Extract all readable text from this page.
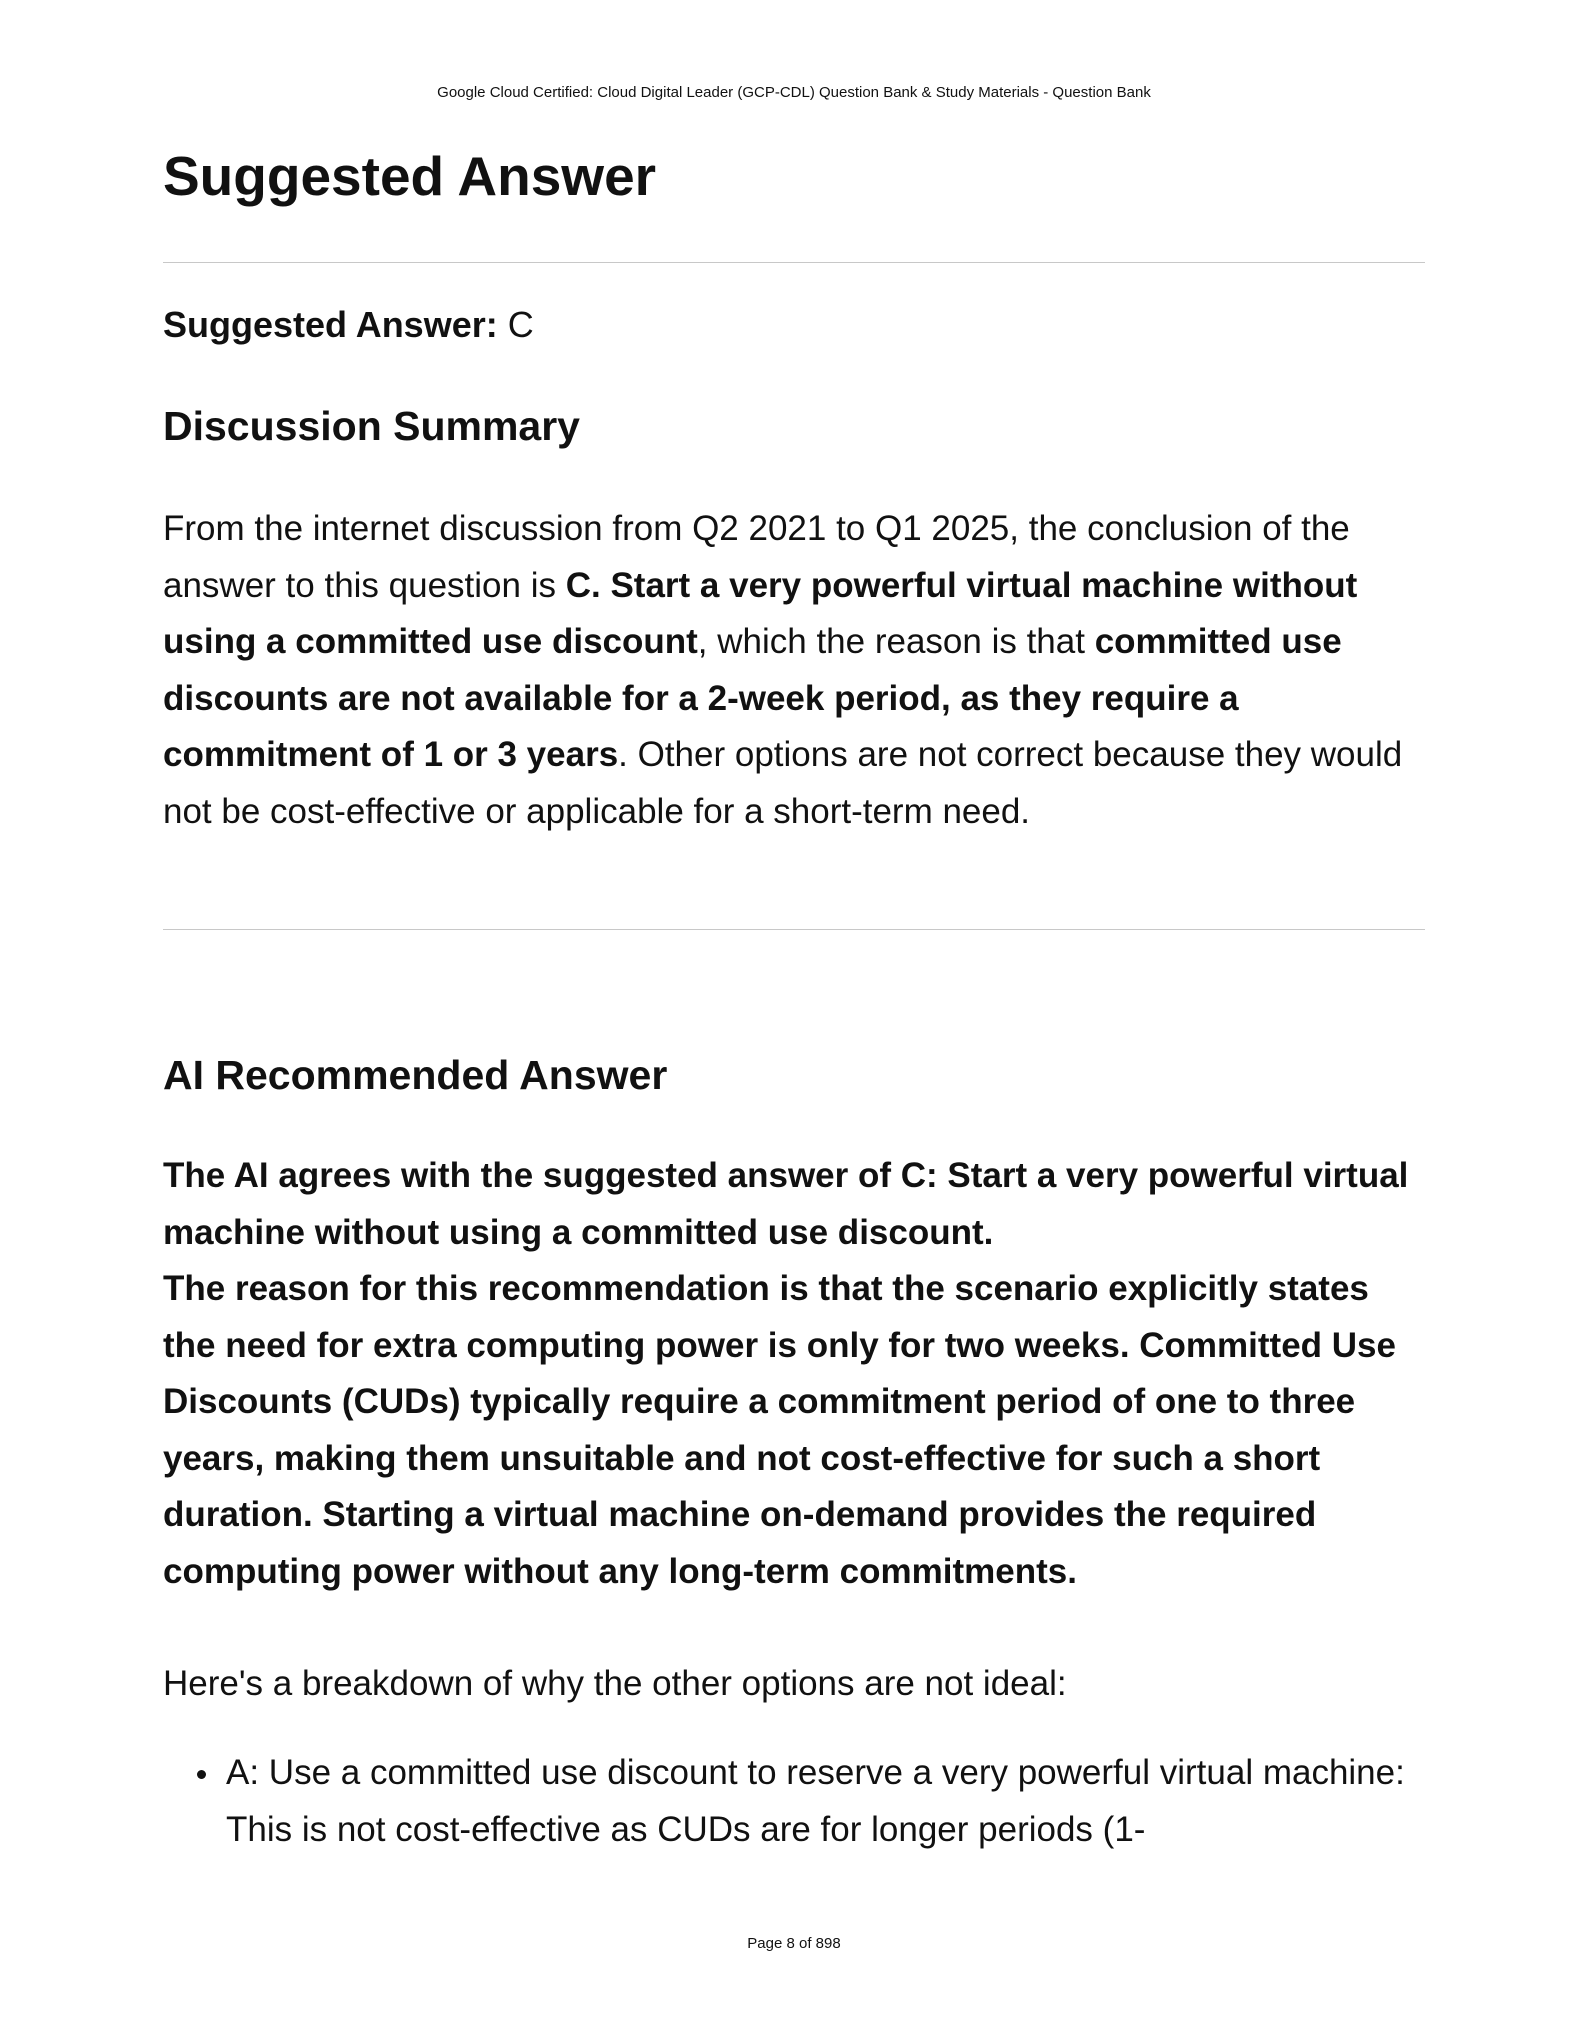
Google Cloud Certified: Cloud Digital Leader (GCP-CDL) Question Bank & Study Materials - Question Bank
Suggested Answer
Suggested Answer: C
Discussion Summary

From the internet discussion from Q2 2021 to Q1 2025, the conclusion of the answer to this question is C. Start a very powerful virtual machine without using a committed use discount, which the reason is that committed use discounts are not available for a 2-week period, as they require a commitment of 1 or 3 years. Other options are not correct because they would not be cost-effective or applicable for a short-term need.

AI Recommended Answer

The AI agrees with the suggested answer of C: Start a very powerful virtual machine without using a committed use discount.
The reason for this recommendation is that the scenario explicitly states the need for extra computing power is only for two weeks. Committed Use Discounts (CUDs) typically require a commitment period of one to three years, making them unsuitable and not cost-effective for such a short duration. Starting a virtual machine on-demand provides the required computing power without any long-term commitments.

Here's a breakdown of why the other options are not ideal:

A: Use a committed use discount to reserve a very powerful virtual machine: This is not cost-effective as CUDs are for longer periods (1-
Page 8 of 898
